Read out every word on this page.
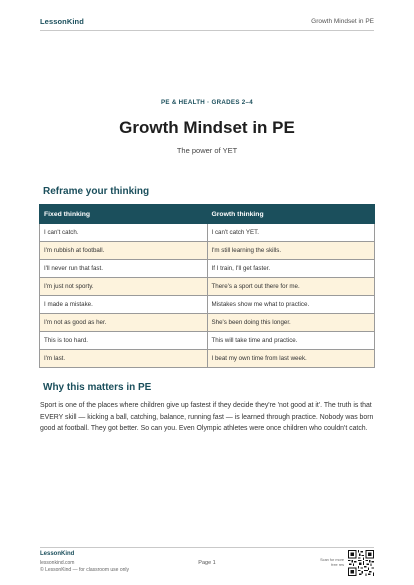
LessonKind	Growth Mindset in PE
PE & HEALTH · GRADES 2–4
Growth Mindset in PE
The power of YET
Reframe your thinking
Fixed thinking	Growth thinking
I can't catch.	I can't catch YET.
I'm rubbish at football.	I'm still learning the skills.
I'll never run that fast.	If I train, I'll get faster.
I'm just not sporty.	There's a sport out there for me.
I made a mistake.	Mistakes show me what to practice.
I'm not as good as her.	She's been doing this longer.
This is too hard.	This will take time and practice.
I'm last.	I beat my own time from last week.
Why this matters in PE

Sport is one of the places where children give up fastest if they decide they're 'not good at it'. The truth is that EVERY skill — kicking a ball, catching, balance, running fast — is learned through practice. Nobody was born good at football. They got better. So can you. Even Olympic athletes were once children who couldn't catch.

LessonKind
lessonkind.com
© LessonKind — for classroom use only
Page 1	Scan for more free res
